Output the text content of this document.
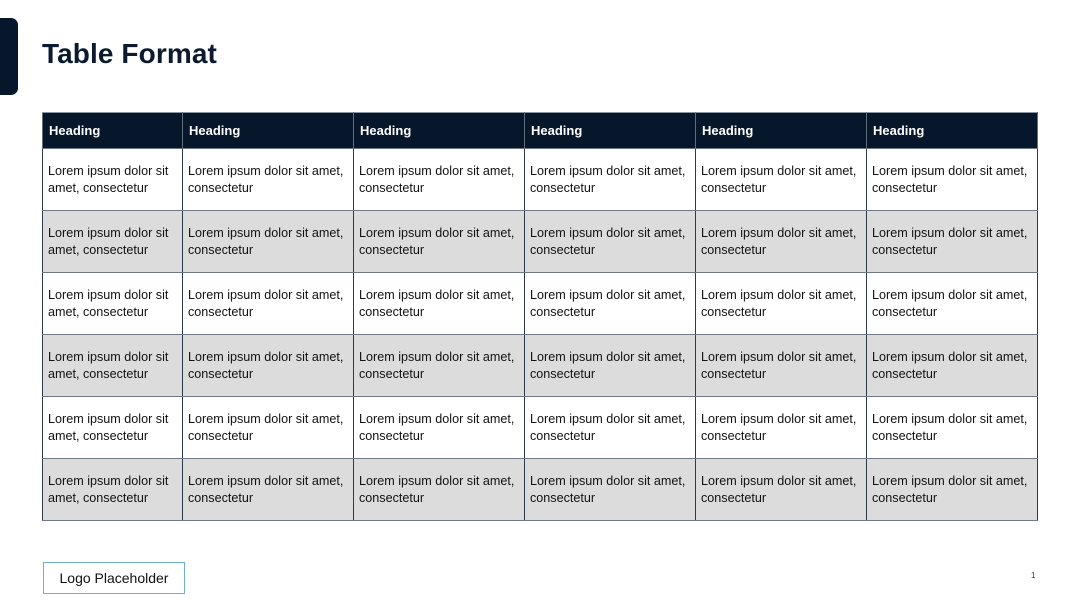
Table Format
Heading	Heading	Heading	Heading	Heading	Heading
Lorem ipsum dolor sit amet, consectetur	Lorem ipsum dolor sit amet, consectetur	Lorem ipsum dolor sit amet, consectetur	Lorem ipsum dolor sit amet, consectetur	Lorem ipsum dolor sit amet, consectetur	Lorem ipsum dolor sit amet, consectetur
Lorem ipsum dolor sit amet, consectetur	Lorem ipsum dolor sit amet, consectetur	Lorem ipsum dolor sit amet, consectetur	Lorem ipsum dolor sit amet, consectetur	Lorem ipsum dolor sit amet, consectetur	Lorem ipsum dolor sit amet, consectetur
Lorem ipsum dolor sit amet, consectetur	Lorem ipsum dolor sit amet, consectetur	Lorem ipsum dolor sit amet, consectetur	Lorem ipsum dolor sit amet, consectetur	Lorem ipsum dolor sit amet, consectetur	Lorem ipsum dolor sit amet, consectetur
Lorem ipsum dolor sit amet, consectetur	Lorem ipsum dolor sit amet, consectetur	Lorem ipsum dolor sit amet, consectetur	Lorem ipsum dolor sit amet, consectetur	Lorem ipsum dolor sit amet, consectetur	Lorem ipsum dolor sit amet, consectetur
Lorem ipsum dolor sit amet, consectetur	Lorem ipsum dolor sit amet, consectetur	Lorem ipsum dolor sit amet, consectetur	Lorem ipsum dolor sit amet, consectetur	Lorem ipsum dolor sit amet, consectetur	Lorem ipsum dolor sit amet, consectetur
Lorem ipsum dolor sit amet, consectetur	Lorem ipsum dolor sit amet, consectetur	Lorem ipsum dolor sit amet, consectetur	Lorem ipsum dolor sit amet, consectetur	Lorem ipsum dolor sit amet, consectetur	Lorem ipsum dolor sit amet, consectetur
Logo Placeholder	1
